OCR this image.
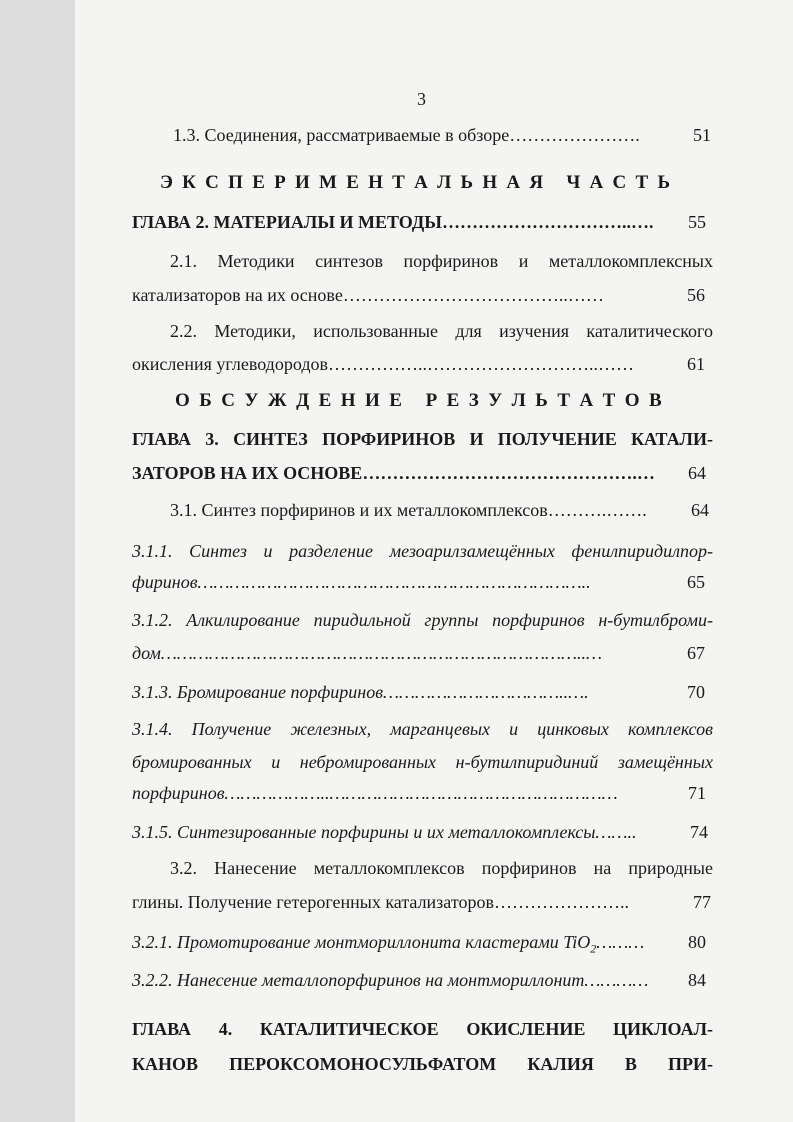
3
1.3. Соединения, рассматриваемые в обзоре………………….	51
Э К С П Е Р И М Е Н Т А Л Ь Н А Я
Ч А С Т Ь
ГЛАВА 2. МАТЕРИАЛЫ И МЕТОДЫ…………………………..…. 55
2.1. Методики синтезов порфиринов и металлокомплексных
катализаторов на их основе………………………………..……	56
2.2. Методики, использованные для изучения каталитического
окисления углеводородов……………..………………………..……	61
О Б С У Ж Д Е Н И Е
Р Е З У Л Ь Т А Т О В
ГЛАВА 3. СИНТЕЗ ПОРФИРИНОВ И ПОЛУЧЕНИЕ КАТАЛИ-
ЗАТОРОВ НА ИХ ОСНОВЕ……………………………………….… 64
3.1. Синтез порфиринов и их металлокомплексов……….……. 64
3.1.1. Синтез и разделение мезоарилзамещённых фенилпиридилпор-
фиринов………………………………………………………………..	65
3.1.2. Алкилирование пиридильной группы порфиринов н-бутилброми-
дом……………………………………………………………………..…	67
3.1.3. Бромирование порфиринов……………………………..….	70
3.1.4. Получение железных, марганцевых и цинковых комплексов
бромированных и небромированных н-бутилпиридиний замещённых
порфиринов………………..………………………………………………	71
3.1.5. Синтезированные порфирины и их металлокомплексы……..	74
3.2. Нанесение металлокомплексов порфиринов на природные
глины. Получение гетерогенных катализаторов…………………..	77
3.2.1. Промотирование монтмориллонита кластерами TiO$_2$……… 80
3.2.2. Нанесение металлопорфиринов на монтмориллонит………… 84
ГЛАВА 4. КАТАЛИТИЧЕСКОЕ ОКИСЛЕНИЕ ЦИКЛОАЛ-
КАНОВ ПЕРОКСОМОНОСУЛЬФАТОМ КАЛИЯ В ПРИ-
